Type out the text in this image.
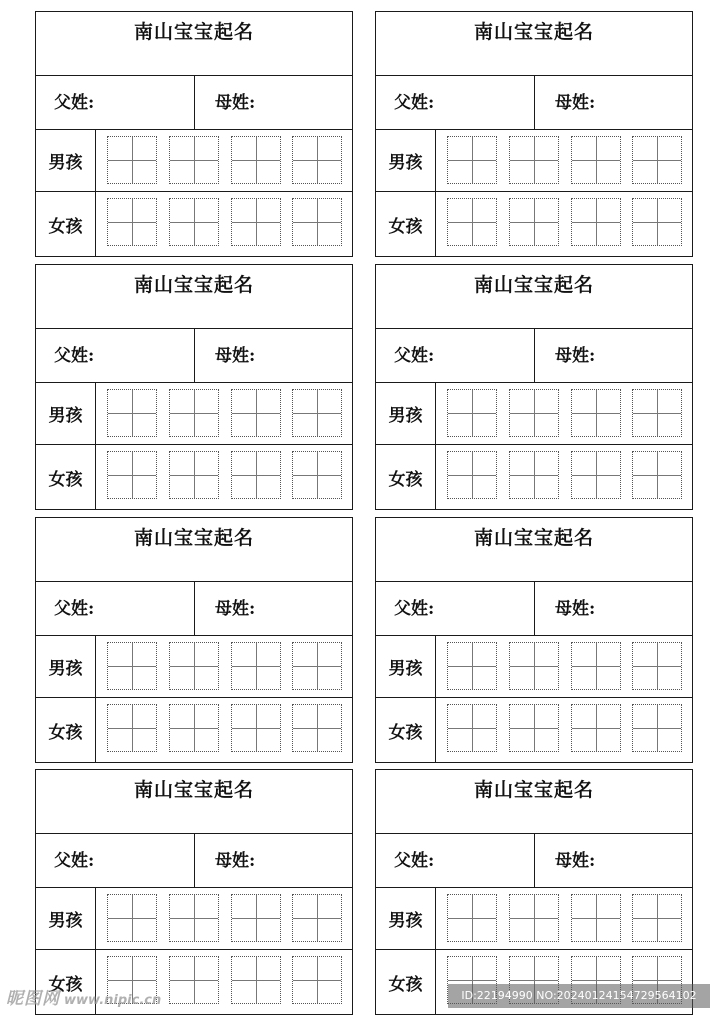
南山宝宝起名
父姓:	母姓:
男孩
女孩
南山宝宝起名
父姓:	母姓:
男孩
女孩
南山宝宝起名
父姓:	母姓:
男孩
女孩
南山宝宝起名
父姓:	母姓:
男孩
女孩
南山宝宝起名
父姓:	母姓:
男孩
女孩
南山宝宝起名
父姓:	母姓:
男孩
女孩
南山宝宝起名
父姓:	母姓:
男孩
女孩
南山宝宝起名
父姓:	母姓:
男孩
女孩
昵图网 www.nipic.cn	ID:22194990 NO:20240124154729564102
